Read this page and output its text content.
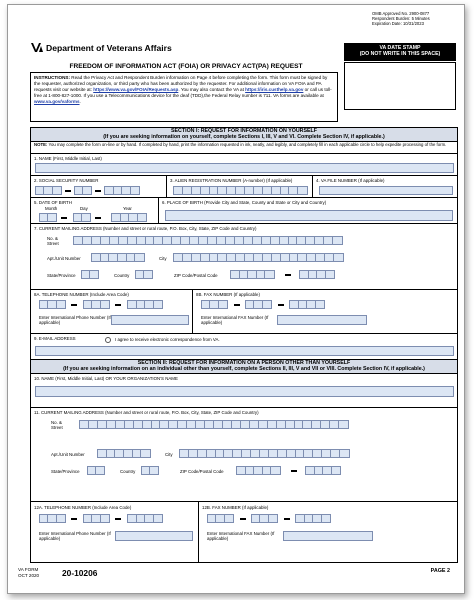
OMB Approved No. 2900-0877
Respondent Burden: 5 Minutes
Expiration Date: 10/31/2023
Department of Veterans Affairs	VA DATE STAMP
(DO NOT WRITE IN THIS SPACE)
FREEDOM OF INFORMATION ACT (FOIA) OR PRIVACY ACT(PA) REQUEST
INSTRUCTIONS: Read the Privacy Act and Respondent Burden information on Page 4 before completing the form. This form must be signed by the requester, authorized organization, or third party who has been authorized by the requester. For additional information on VA FOIA and PA requests visit our website at: https://www.va.gov/FOIA/Requests.asp. You may also contact the VA at https://iris.custhelp.va.gov or call us toll-free at 1-800-827-1000. If you use a Telecommunications device for the deaf (TDD),the Federal Relay number is 711. VA forms are available at www.va.gov/vaforms.
SECTION I: REQUEST FOR INFORMATION ON YOURSELF
(If you are seeking information on yourself, complete Sections I, III, V and VI. Complete Section IV, if applicable.)
NOTE: You may complete the form on-line or by hand. If completed by hand, print the information requested in ink, neatly, and legibly, and completely fill in each applicable circle to help expedite processing of the form.
1. NAME (First, Middle Initial, Last)
2. SOCIAL SECURITY NUMBER	3. ALIEN REGISTRATION NUMBER (A-number) (If applicable)	4. VA FILE NUMBER (If applicable)
5. DATE OF BIRTH
Month	Day	Year
6. PLACE OF BIRTH (Provide City and State, County and State or City and Country)
7. CURRENT MAILING ADDRESS (Number and street or rural route, P.O. Box, City, State, ZIP Code and Country)
No. & Street
Apt./Unit Number	City
State/Province	Country	ZIP Code/Postal Code
8A. TELEPHONE NUMBER (Include Area Code)
Enter International Phone Number (If applicable)
8B. FAX NUMBER (If applicable)
Enter International FAX Number (If applicable)
9. E-MAIL ADDRESS	I agree to receive electronic correspondence from VA.
SECTION II: REQUEST FOR INFORMATION ON A PERSON OTHER THAN YOURSELF
(If you are seeking information on an individual other than yourself, complete Sections II, III, V and VII or VIII. Complete Section IV, if applicable.)
10. NAME (First, Middle Initial, Last) OR YOUR ORGANIZATION'S NAME
11. CURRENT MAILING ADDRESS (Number and street or rural route, P.O. Box, City, State, ZIP Code and Country)
No. & Street
Apt./Unit Number	City
State/Province	Country	ZIP Code/Postal Code
12A. TELEPHONE NUMBER (Include Area Code)
Enter International Phone Number (If applicable)
12B. FAX NUMBER (If applicable)
Enter International FAX Number (If applicable)
VA FORM
OCT 2020	20-10206	PAGE 2
